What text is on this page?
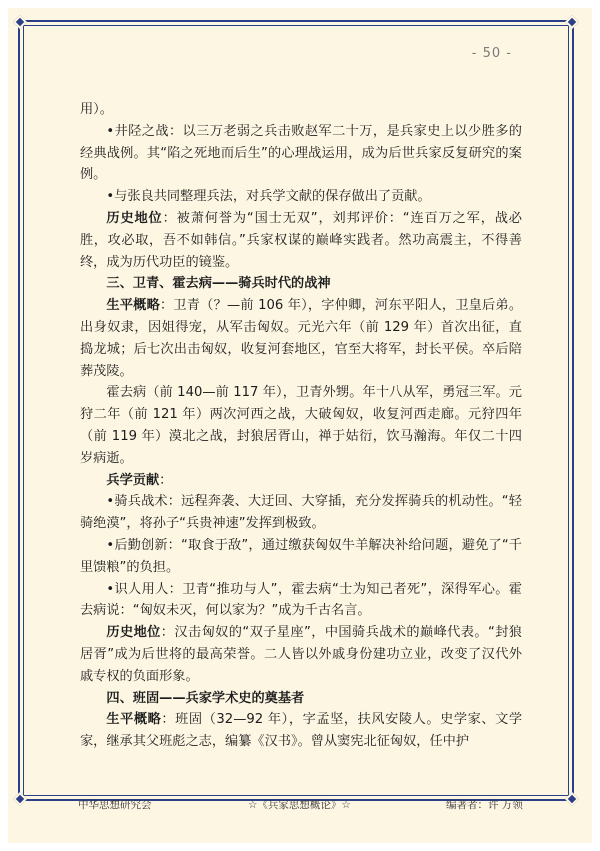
- 50 -

用）。

•井陉之战：以三万老弱之兵击败赵军二十万，是兵家史上以少胜多的经典战例。其“陷之死地而后生”的心理战运用，成为后世兵家反复研究的案例。

•与张良共同整理兵法，对兵学文献的保存做出了贡献。

历史地位：被萧何誉为“国士无双”，刘邦评价：“连百万之军，战必胜，攻必取，吾不如韩信。”兵家权谋的巅峰实践者。然功高震主，不得善终，成为历代功臣的镜鉴。

三、卫青、霍去病——骑兵时代的战神

生平概略：卫青（？—前 106 年），字仲卿，河东平阳人，卫皇后弟。出身奴隶，因姐得宠，从军击匈奴。元光六年（前 129 年）首次出征，直捣龙城；后七次出击匈奴，收复河套地区，官至大将军，封长平侯。卒后陪葬茂陵。

霍去病（前 140—前 117 年），卫青外甥。年十八从军，勇冠三军。元狩二年（前 121 年）两次河西之战，大破匈奴，收复河西走廊。元狩四年（前 119 年）漠北之战，封狼居胥山，禅于姑衍，饮马瀚海。年仅二十四岁病逝。

兵学贡献：

•骑兵战术：远程奔袭、大迂回、大穿插，充分发挥骑兵的机动性。“轻骑绝漠”，将孙子“兵贵神速”发挥到极致。

•后勤创新：“取食于敌”，通过缴获匈奴牛羊解决补给问题，避免了“千里馈粮”的负担。

•识人用人：卫青“推功与人”，霍去病“士为知己者死”，深得军心。霍去病说：“匈奴未灭，何以家为？”成为千古名言。

历史地位：汉击匈奴的“双子星座”，中国骑兵战术的巅峰代表。“封狼居胥”成为后世将的最高荣誉。二人皆以外戚身份建功立业，改变了汉代外戚专权的负面形象。

四、班固——兵家学术史的奠基者

生平概略：班固（32—92 年），字孟坚，扶风安陵人。史学家、文学家，继承其父班彪之志，编纂《汉书》。曾从窦宪北征匈奴，任中护

中华思想研究会	☆《兵家思想概论》☆	编著者：许 万领
